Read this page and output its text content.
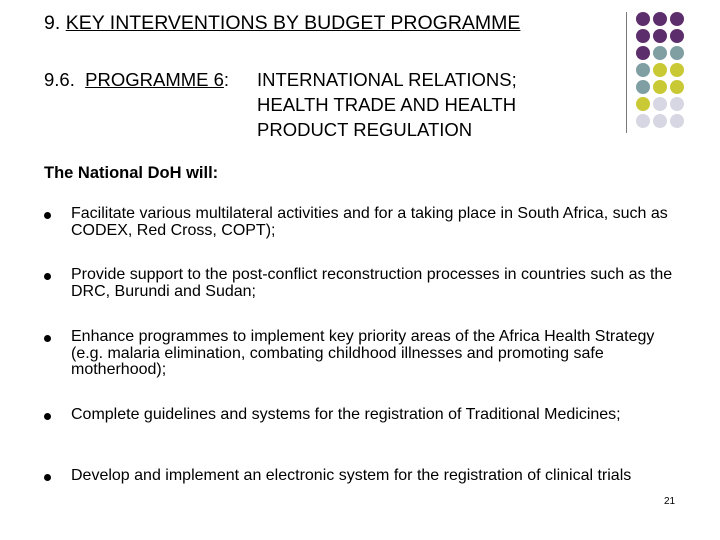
9. KEY INTERVENTIONS BY BUDGET PROGRAMME
9.6. PROGRAMME 6:	INTERNATIONAL RELATIONS;
HEALTH TRADE AND HEALTH
PRODUCT REGULATION
The National DoH will:
Facilitate various multilateral activities and for a taking place in South Africa, such as CODEX, Red Cross, COPT);
Provide support to the post-conflict reconstruction processes in countries such as the DRC, Burundi and Sudan;
Enhance programmes to implement key priority areas of the Africa Health Strategy (e.g. malaria elimination, combating childhood illnesses and promoting safe motherhood);
Complete guidelines and systems for the registration of Traditional Medicines;
Develop and implement an electronic system for the registration of clinical trials
21
